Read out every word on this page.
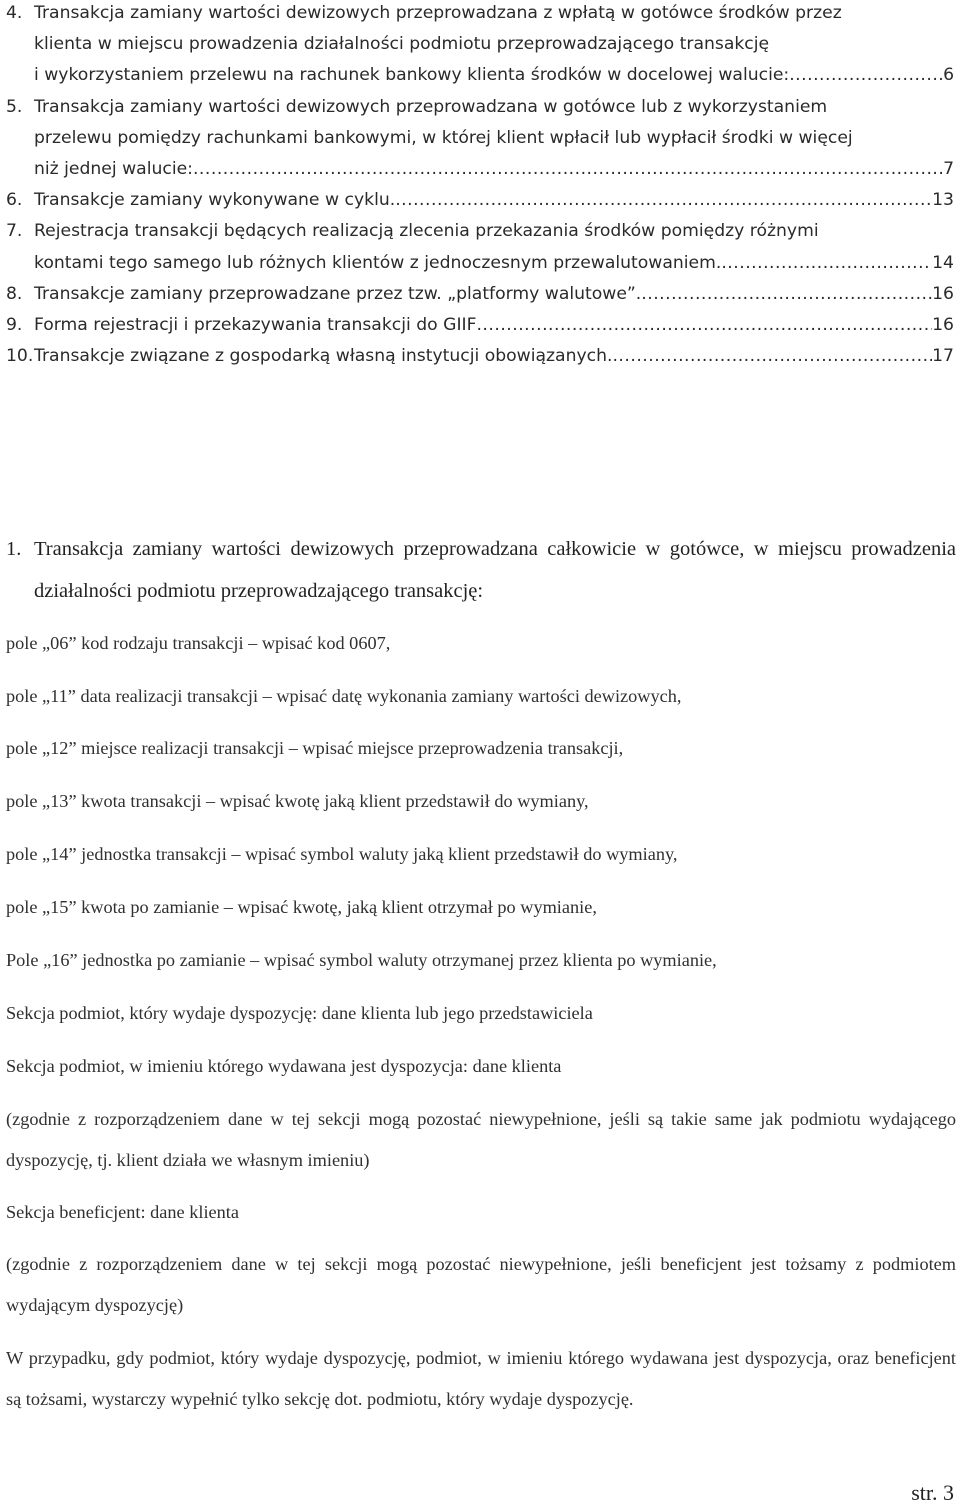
4. Transakcja zamiany wartości dewizowych przeprowadzana z wpłatą w gotówce środków przez
klienta w miejscu prowadzenia działalności podmiotu przeprowadzającego transakcję
i wykorzystaniem przelewu na rachunek bankowy klienta środków w docelowej walucie: .....	6
5. Transakcja zamiany wartości dewizowych przeprowadzana w gotówce lub z wykorzystaniem
przelewu pomiędzy rachunkami bankowymi, w której klient wpłacił lub wypłacił środki w więcej
niż jednej walucie: .....	7
6. Transakcje zamiany wykonywane w cyklu. .....	13
7. Rejestracja transakcji będących realizacją zlecenia przekazania środków pomiędzy różnymi
kontami tego samego lub różnych klientów z jednoczesnym przewalutowaniem. .....	14
8. Transakcje zamiany przeprowadzane przez tzw. „platformy walutowe”. .....	16
9. Forma rejestracji i przekazywania transakcji do GIIF .....	16
10. Transakcje związane z gospodarką własną instytucji obowiązanych. .....	17
1. Transakcja zamiany wartości dewizowych przeprowadzana całkowicie w gotówce, w miejscu prowadzenia działalności podmiotu przeprowadzającego transakcję:
pole „06” kod rodzaju transakcji – wpisać kod 0607,
pole „11” data realizacji transakcji – wpisać datę wykonania zamiany wartości dewizowych,
pole „12” miejsce realizacji transakcji – wpisać miejsce przeprowadzenia transakcji,
pole „13” kwota transakcji – wpisać kwotę jaką klient przedstawił do wymiany,
pole „14” jednostka transakcji – wpisać symbol waluty jaką klient przedstawił do wymiany,
pole „15” kwota po zamianie – wpisać kwotę, jaką klient otrzymał po wymianie,
Pole „16” jednostka po zamianie – wpisać symbol waluty otrzymanej przez klienta po wymianie,
Sekcja podmiot, który wydaje dyspozycję: dane klienta lub jego przedstawiciela
Sekcja podmiot, w imieniu którego wydawana jest dyspozycja: dane klienta
(zgodnie z rozporządzeniem dane w tej sekcji mogą pozostać niewypełnione, jeśli są takie same jak podmiotu wydającego dyspozycję, tj. klient działa we własnym imieniu)
Sekcja beneficjent: dane klienta
(zgodnie z rozporządzeniem dane w tej sekcji mogą pozostać niewypełnione, jeśli beneficjent jest tożsamy z podmiotem wydającym dyspozycję)
W przypadku, gdy podmiot, który wydaje dyspozycję, podmiot, w imieniu którego wydawana jest dyspozycja, oraz beneficjent są tożsami, wystarczy wypełnić tylko sekcję dot. podmiotu, który wydaje dyspozycję.
str. 3
